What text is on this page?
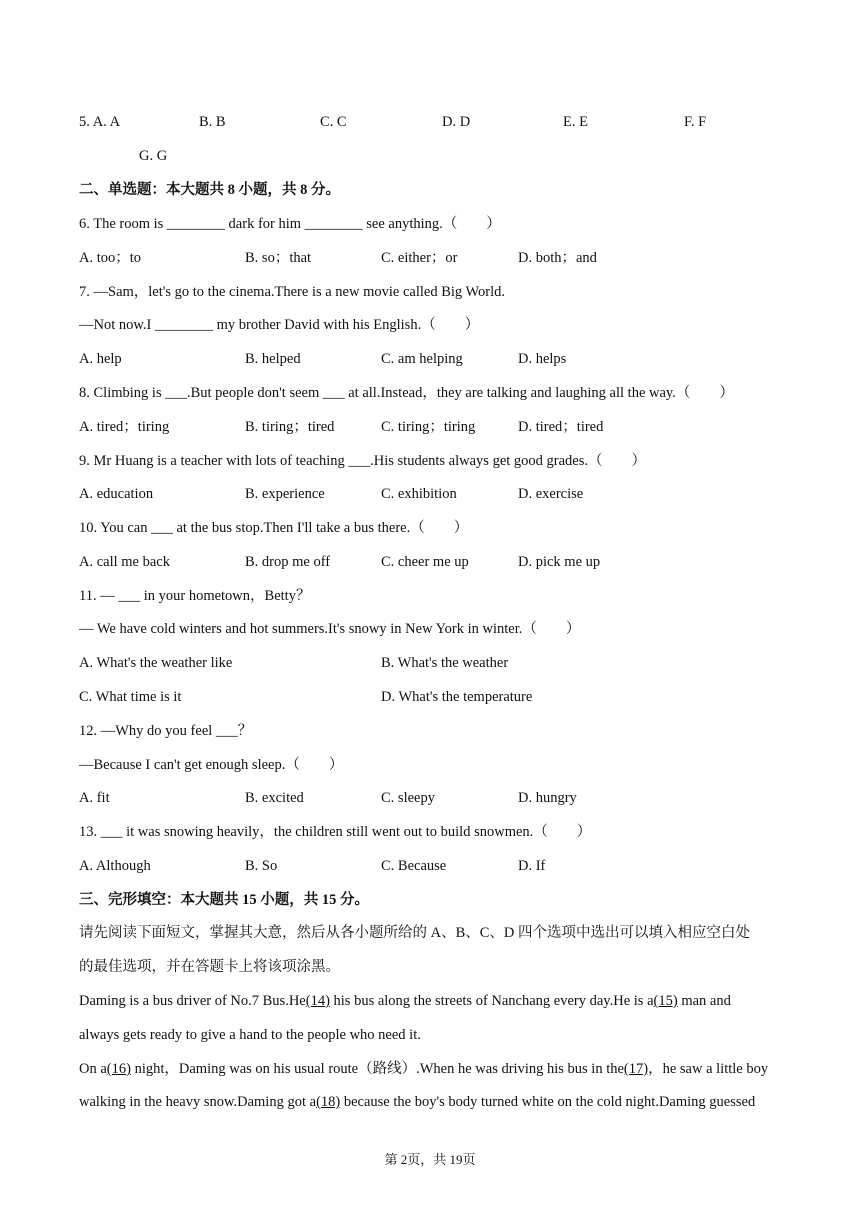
5. A. A	B. B	C. C	D. D	E. E	F. F
G. G
二、单选题：本大题共 8 小题，共 8 分。
6. The room is ________ dark for him ________ see anything.（　　）
A. too；to	B. so；that	C. either；or	D. both；and
7. —Sam，let's go to the cinema.There is a new movie called Big World.
—Not now.I ________ my brother David with his English.（　　）
A. help	B. helped	C. am helping	D. helps
8. Climbing is ___.But people don't seem ___ at all.Instead，they are talking and laughing all the way.（　　）
A. tired；tiring	B. tiring；tired	C. tiring；tiring	D. tired；tired
9. Mr Huang is a teacher with lots of teaching ___.His students always get good grades.（　　）
A. education	B. experience	C. exhibition	D. exercise
10. You can ___ at the bus stop.Then I'll take a bus there.（　　）
A. call me back	B. drop me off	C. cheer me up	D. pick me up
11. — ___ in your hometown，Betty？
— We have cold winters and hot summers.It's snowy in New York in winter.（　　）
A. What's the weather like	B. What's the weather
C. What time is it	D. What's the temperature
12. —Why do you feel ___？
—Because I can't get enough sleep.（　　）
A. fit	B. excited	C. sleepy	D. hungry
13. ___ it was snowing heavily，the children still went out to build snowmen.（　　）
A. Although	B. So	C. Because	D. If
三、完形填空：本大题共 15 小题，共 15 分。
请先阅读下面短文，掌握其大意，然后从各小题所给的 A、B、C、D 四个选项中选出可以填入相应空白处
的最佳选项，并在答题卡上将该项涂黑。
Daming is a bus driver of No.7 Bus.He(14) his bus along the streets of Nanchang every day.He is a(15) man and
always gets ready to give a hand to the people who need it.
On a(16) night，Daming was on his usual route（路线）.When he was driving his bus in the(17)，he saw a little boy
walking in the heavy snow.Daming got a(18) because the boy's body turned white on the cold night.Daming guessed
第 2页，共 19页
